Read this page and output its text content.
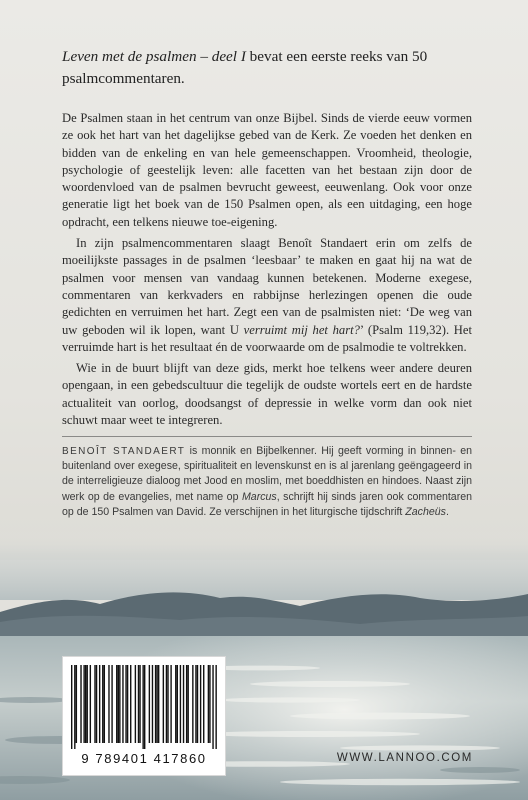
Leven met de psalmen – deel I bevat een eerste reeks van 50 psalmcommentaren.

De Psalmen staan in het centrum van onze Bijbel. Sinds de vierde eeuw vormen ze ook het hart van het dagelijkse gebed van de Kerk. Ze voeden het denken en bidden van de enkeling en van hele gemeenschappen. Vroomheid, theologie, psychologie of geestelijk leven: alle facetten van het bestaan zijn door de woordenvloed van de psalmen bevrucht geweest, eeuwenlang. Ook voor onze generatie ligt het boek van de 150 Psalmen open, als een uitdaging, een hoge opdracht, een telkens nieuwe toe-eigening.

In zijn psalmencommentaren slaagt Benoît Standaert erin om zelfs de moeilijkste passages in de psalmen ‘leesbaar’ te maken en gaat hij na wat de psalmen voor mensen van vandaag kunnen betekenen. Moderne exegese, commentaren van kerkvaders en rabbijnse herlezingen openen die oude gedichten en verruimen het hart. Zegt een van de psalmisten niet: ‘De weg van uw geboden wil ik lopen, want U verruimt mij het hart?’ (Psalm 119,32). Het verruimde hart is het resultaat én de voorwaarde om de psalmodie te voltrekken.

Wie in de buurt blijft van deze gids, merkt hoe telkens weer andere deuren opengaan, in een gebedscultuur die tegelijk de oudste wortels eert en de hardste actualiteit van oorlog, doodsangst of depressie in welke vorm dan ook niet schuwt maar weet te integreren.

BENOÎT STANDAERT is monnik en Bijbelkenner. Hij geeft vorming in binnen- en buitenland over exegese, spiritualiteit en levenskunst en is al jarenlang geëngageerd in de interreligieuze dialoog met Jood en moslim, met boeddhisten en hindoes. Naast zijn werk op de evangelies, met name op Marcus, schrijft hij sinds jaren ook commentaren op de 150 Psalmen van David. Ze verschijnen in het liturgische tijdschrift Zacheüs.
9 789401 417860	WWW.LANNOO.COM
